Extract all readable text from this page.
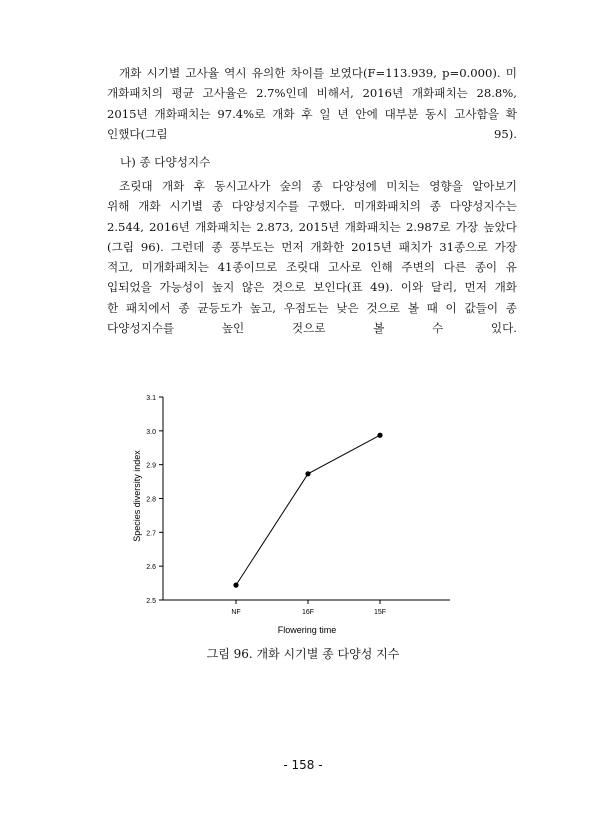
개화 시기별 고사율 역시 유의한 차이를 보였다(F=113.939, p=0.000). 미
개화패치의 평균 고사율은 2.7%인데 비해서, 2016년 개화패치는 28.8%,
2015년 개화패치는 97.4%로 개화 후 일 년 안에 대부분 동시 고사함을 확
인했다(그림 95).
나) 종 다양성지수
조릿대 개화 후 동시고사가 숲의 종 다양성에 미치는 영향을 알아보기
위해 개화 시기별 종 다양성지수를 구했다. 미개화패치의 종 다양성지수는
2.544, 2016년 개화패치는 2.873, 2015년 개화패치는 2.987로 가장 높았다
(그림 96). 그런데 종 풍부도는 먼저 개화한 2015년 패치가 31종으로 가장
적고, 미개화패치는 41종이므로 조릿대 고사로 인해 주변의 다른 종이 유
입되었을 가능성이 높지 않은 것으로 보인다(표 49). 이와 달리, 먼저 개화
한 패치에서 종 균등도가 높고, 우점도는 낮은 것으로 볼 때 이 값들이 종
다양성지수를 높인 것으로 볼 수 있다.
2.5
2.6
2.7
2.8
2.9
3.0
3.1
NF	16F	15F
Flowering time
Species diversity index
그림 96. 개화 시기별 종 다양성 지수
- 158 -
